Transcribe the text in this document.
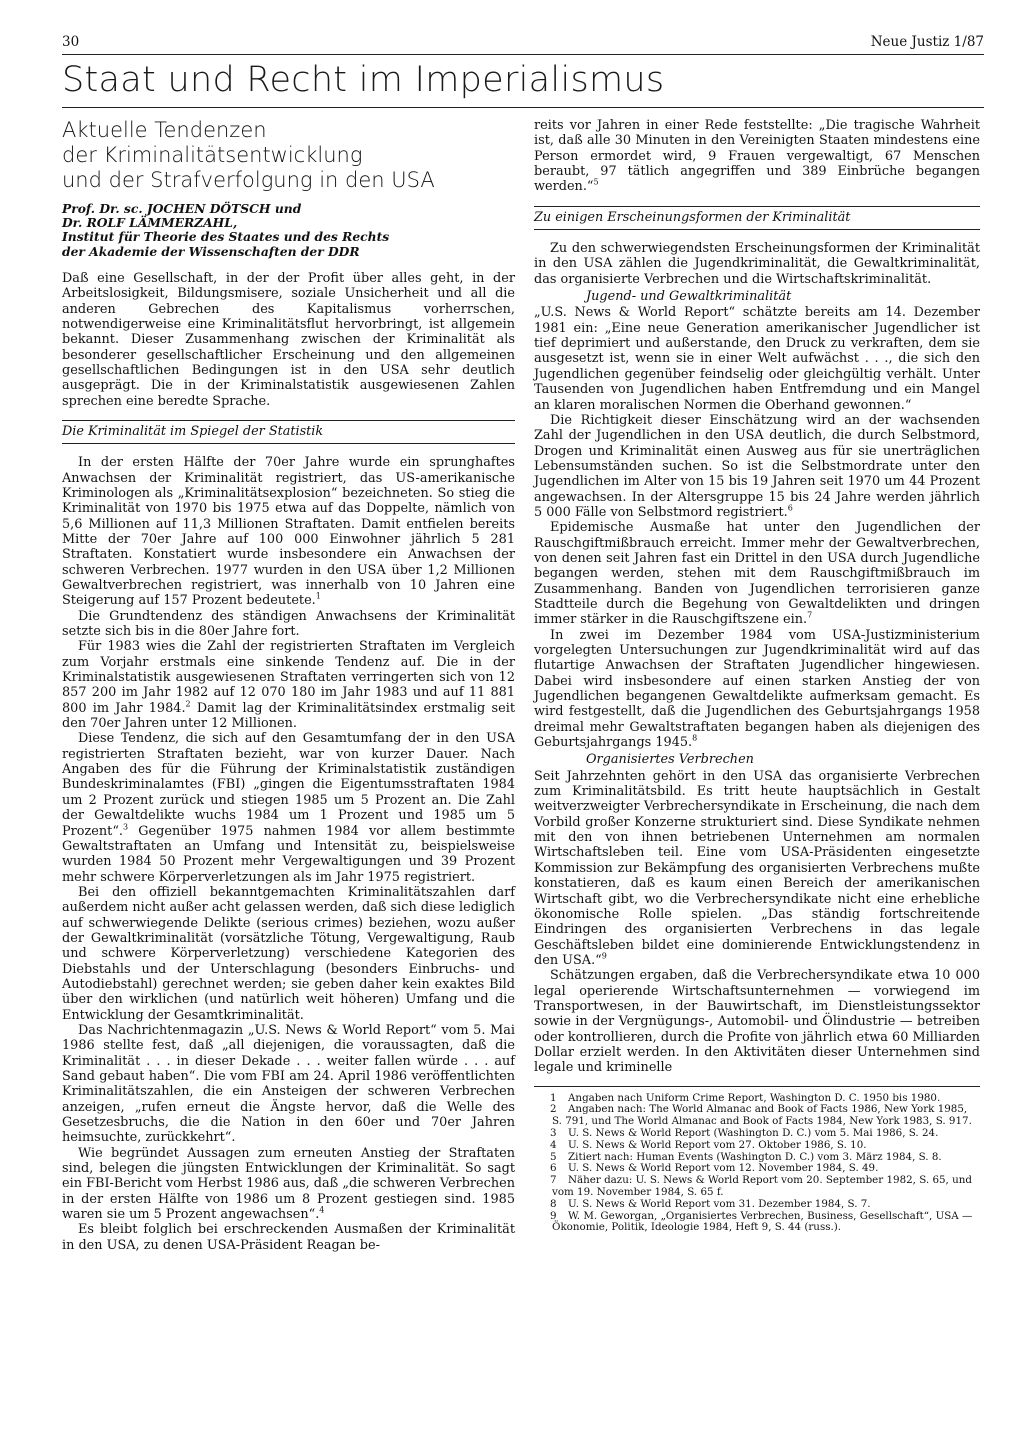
30	Neue Justiz 1/87
Staat und Recht im Imperialismus
Aktuelle Tendenzen
der Kriminalitätsentwicklung
und der Strafverfolgung in den USA
Prof. Dr. sc. JOCHEN DÖTSCH und
Dr. ROLF LÄMMERZAHL,
Institut für Theorie des Staates und des Rechts
der Akademie der Wissenschaften der DDR

Daß eine Gesellschaft, in der der Profit über alles geht, in der Arbeitslosigkeit, Bildungsmisere, soziale Unsicherheit und all die anderen Gebrechen des Kapitalismus vorherrschen, notwendigerweise eine Kriminalitätsflut hervorbringt, ist allgemein bekannt. Dieser Zusammenhang zwischen der Kriminalität als besonderer gesellschaftlicher Erscheinung und den allgemeinen gesellschaftlichen Bedingungen ist in den USA sehr deutlich ausgeprägt. Die in der Kriminalstatistik ausgewiesenen Zahlen sprechen eine beredte Sprache.

Die Kriminalität im Spiegel der Statistik

In der ersten Hälfte der 70er Jahre wurde ein sprunghaftes Anwachsen der Kriminalität registriert, das US-amerikanische Kriminologen als „Kriminalitätsexplosion“ bezeichneten. So stieg die Kriminalität von 1970 bis 1975 etwa auf das Doppelte, nämlich von 5,6 Millionen auf 11,3 Millionen Straftaten. Damit entfielen bereits Mitte der 70er Jahre auf 100 000 Einwohner jährlich 5 281 Straftaten. Konstatiert wurde insbesondere ein Anwachsen der schweren Verbrechen. 1977 wurden in den USA über 1,2 Millionen Gewaltverbrechen registriert, was innerhalb von 10 Jahren eine Steigerung auf 157 Prozent bedeutete.$^1$

Die Grundtendenz des ständigen Anwachsens der Kriminalität setzte sich bis in die 80er Jahre fort.

Für 1983 wies die Zahl der registrierten Straftaten im Vergleich zum Vorjahr erstmals eine sinkende Tendenz auf. Die in der Kriminalstatistik ausgewiesenen Straftaten verringerten sich von 12 857 200 im Jahr 1982 auf 12 070 180 im Jahr 1983 und auf 11 881 800 im Jahr 1984.$^2$ Damit lag der Kriminalitätsindex erstmalig seit den 70er Jahren unter 12 Millionen.

Diese Tendenz, die sich auf den Gesamtumfang der in den USA registrierten Straftaten bezieht, war von kurzer Dauer. Nach Angaben des für die Führung der Kriminalstatistik zuständigen Bundeskriminalamtes (FBI) „gingen die Eigentumsstraftaten 1984 um 2 Prozent zurück und stiegen 1985 um 5 Prozent an. Die Zahl der Gewaltdelikte wuchs 1984 um 1 Prozent und 1985 um 5 Prozent“.$^3$ Gegenüber 1975 nahmen 1984 vor allem bestimmte Gewaltstraftaten an Umfang und Intensität zu, beispielsweise wurden 1984 50 Prozent mehr Vergewaltigungen und 39 Prozent mehr schwere Körperverletzungen als im Jahr 1975 registriert.

Bei den offiziell bekanntgemachten Kriminalitätszahlen darf außerdem nicht außer acht gelassen werden, daß sich diese lediglich auf schwerwiegende Delikte (serious crimes) beziehen, wozu außer der Gewaltkriminalität (vorsätzliche Tötung, Vergewaltigung, Raub und schwere Körperverletzung) verschiedene Kategorien des Diebstahls und der Unterschlagung (besonders Einbruchs- und Autodiebstahl) gerechnet werden; sie geben daher kein exaktes Bild über den wirklichen (und natürlich weit höheren) Umfang und die Entwicklung der Gesamtkriminalität.

Das Nachrichtenmagazin „U.S. News & World Report“ vom 5. Mai 1986 stellte fest, daß „all diejenigen, die voraussagten, daß die Kriminalität . . . in dieser Dekade . . . weiter fallen würde . . . auf Sand gebaut haben“. Die vom FBI am 24. April 1986 veröffentlichten Kriminalitätszahlen, die ein Ansteigen der schweren Verbrechen anzeigen, „rufen erneut die Ängste hervor, daß die Welle des Gesetzesbruchs, die die Nation in den 60er und 70er Jahren heimsuchte, zurückkehrt“.

Wie begründet Aussagen zum erneuten Anstieg der Straftaten sind, belegen die jüngsten Entwicklungen der Kriminalität. So sagt ein FBI-Bericht vom Herbst 1986 aus, daß „die schweren Verbrechen in der ersten Hälfte von 1986 um 8 Prozent gestiegen sind. 1985 waren sie um 5 Prozent angewachsen“.$^4$

Es bleibt folglich bei erschreckenden Ausmaßen der Kriminalität in den USA, zu denen USA-Präsident Reagan be-

reits vor Jahren in einer Rede feststellte: „Die tragische Wahrheit ist, daß alle 30 Minuten in den Vereinigten Staaten mindestens eine Person ermordet wird, 9 Frauen vergewaltigt, 67 Menschen beraubt, 97 tätlich angegriffen und 389 Einbrüche begangen werden.“$^5$

Zu einigen Erscheinungsformen der Kriminalität

Zu den schwerwiegendsten Erscheinungsformen der Kriminalität in den USA zählen die Jugendkriminalität, die Gewaltkriminalität, das organisierte Verbrechen und die Wirtschaftskriminalität.

Jugend- und Gewaltkriminalität

„U.S. News & World Report“ schätzte bereits am 14. Dezember 1981 ein: „Eine neue Generation amerikanischer Jugendlicher ist tief deprimiert und außerstande, den Druck zu verkraften, dem sie ausgesetzt ist, wenn sie in einer Welt aufwächst . . ., die sich den Jugendlichen gegenüber feindselig oder gleichgültig verhält. Unter Tausenden von Jugendlichen haben Entfremdung und ein Mangel an klaren moralischen Normen die Oberhand gewonnen.“

Die Richtigkeit dieser Einschätzung wird an der wachsenden Zahl der Jugendlichen in den USA deutlich, die durch Selbstmord, Drogen und Kriminalität einen Ausweg aus für sie unerträglichen Lebensumständen suchen. So ist die Selbstmordrate unter den Jugendlichen im Alter von 15 bis 19 Jahren seit 1970 um 44 Prozent angewachsen. In der Altersgruppe 15 bis 24 Jahre werden jährlich 5 000 Fälle von Selbstmord registriert.$^6$

Epidemische Ausmaße hat unter den Jugendlichen der Rauschgiftmißbrauch erreicht. Immer mehr der Gewaltverbrechen, von denen seit Jahren fast ein Drittel in den USA durch Jugendliche begangen werden, stehen mit dem Rauschgiftmißbrauch im Zusammenhang. Banden von Jugendlichen terrorisieren ganze Stadtteile durch die Begehung von Gewaltdelikten und dringen immer stärker in die Rauschgiftszene ein.$^7$

In zwei im Dezember 1984 vom USA-Justizministerium vorgelegten Untersuchungen zur Jugendkriminalität wird auf das flutartige Anwachsen der Straftaten Jugendlicher hingewiesen. Dabei wird insbesondere auf einen starken Anstieg der von Jugendlichen begangenen Gewaltdelikte aufmerksam gemacht. Es wird festgestellt, daß die Jugendlichen des Geburtsjahrgangs 1958 dreimal mehr Gewaltstraftaten begangen haben als diejenigen des Geburtsjahrgangs 1945.$^8$

Organisiertes Verbrechen

Seit Jahrzehnten gehört in den USA das organisierte Verbrechen zum Kriminalitätsbild. Es tritt heute hauptsächlich in Gestalt weitverzweigter Verbrechersyndikate in Erscheinung, die nach dem Vorbild großer Konzerne strukturiert sind. Diese Syndikate nehmen mit den von ihnen betriebenen Unternehmen am normalen Wirtschaftsleben teil. Eine vom USA-Präsidenten eingesetzte Kommission zur Bekämpfung des organisierten Verbrechens mußte konstatieren, daß es kaum einen Bereich der amerikanischen Wirtschaft gibt, wo die Verbrechersyndikate nicht eine erhebliche ökonomische Rolle spielen. „Das ständig fortschreitende Eindringen des organisierten Verbrechens in das legale Geschäftsleben bildet eine dominierende Entwicklungstendenz in den USA.“$^9$

Schätzungen ergaben, daß die Verbrechersyndikate etwa 10 000 legal operierende Wirtschaftsunternehmen — vorwiegend im Transportwesen, in der Bauwirtschaft, im Dienstleistungssektor sowie in der Vergnügungs-, Automobil- und Ölindustrie — betreiben oder kontrollieren, durch die Profite von jährlich etwa 60 Milliarden Dollar erzielt werden. In den Aktivitäten dieser Unternehmen sind legale und kriminelle

1 Angaben nach Uniform Crime Report, Washington D. C. 1950 bis 1980.

2 Angaben nach: The World Almanac and Book of Facts 1986, New York 1985, S. 791, und The World Almanac and Book of Facts 1984, New York 1983, S. 917.

3 U. S. News & World Report (Washington D. C.) vom 5. Mai 1986, S. 24.

4 U. S. News & World Report vom 27. Oktober 1986, S. 10.

5 Zitiert nach: Human Events (Washington D. C.) vom 3. März 1984, S. 8.

6 U. S. News & World Report vom 12. November 1984, S. 49.

7 Näher dazu: U. S. News & World Report vom 20. September 1982, S. 65, und vom 19. November 1984, S. 65 f.

8 U. S. News & World Report vom 31. Dezember 1984, S. 7.

9 W. M. Geworgan, „Organisiertes Verbrechen, Business, Gesellschaft“, USA — Ökonomie, Politik, Ideologie 1984, Heft 9, S. 44 (russ.).
